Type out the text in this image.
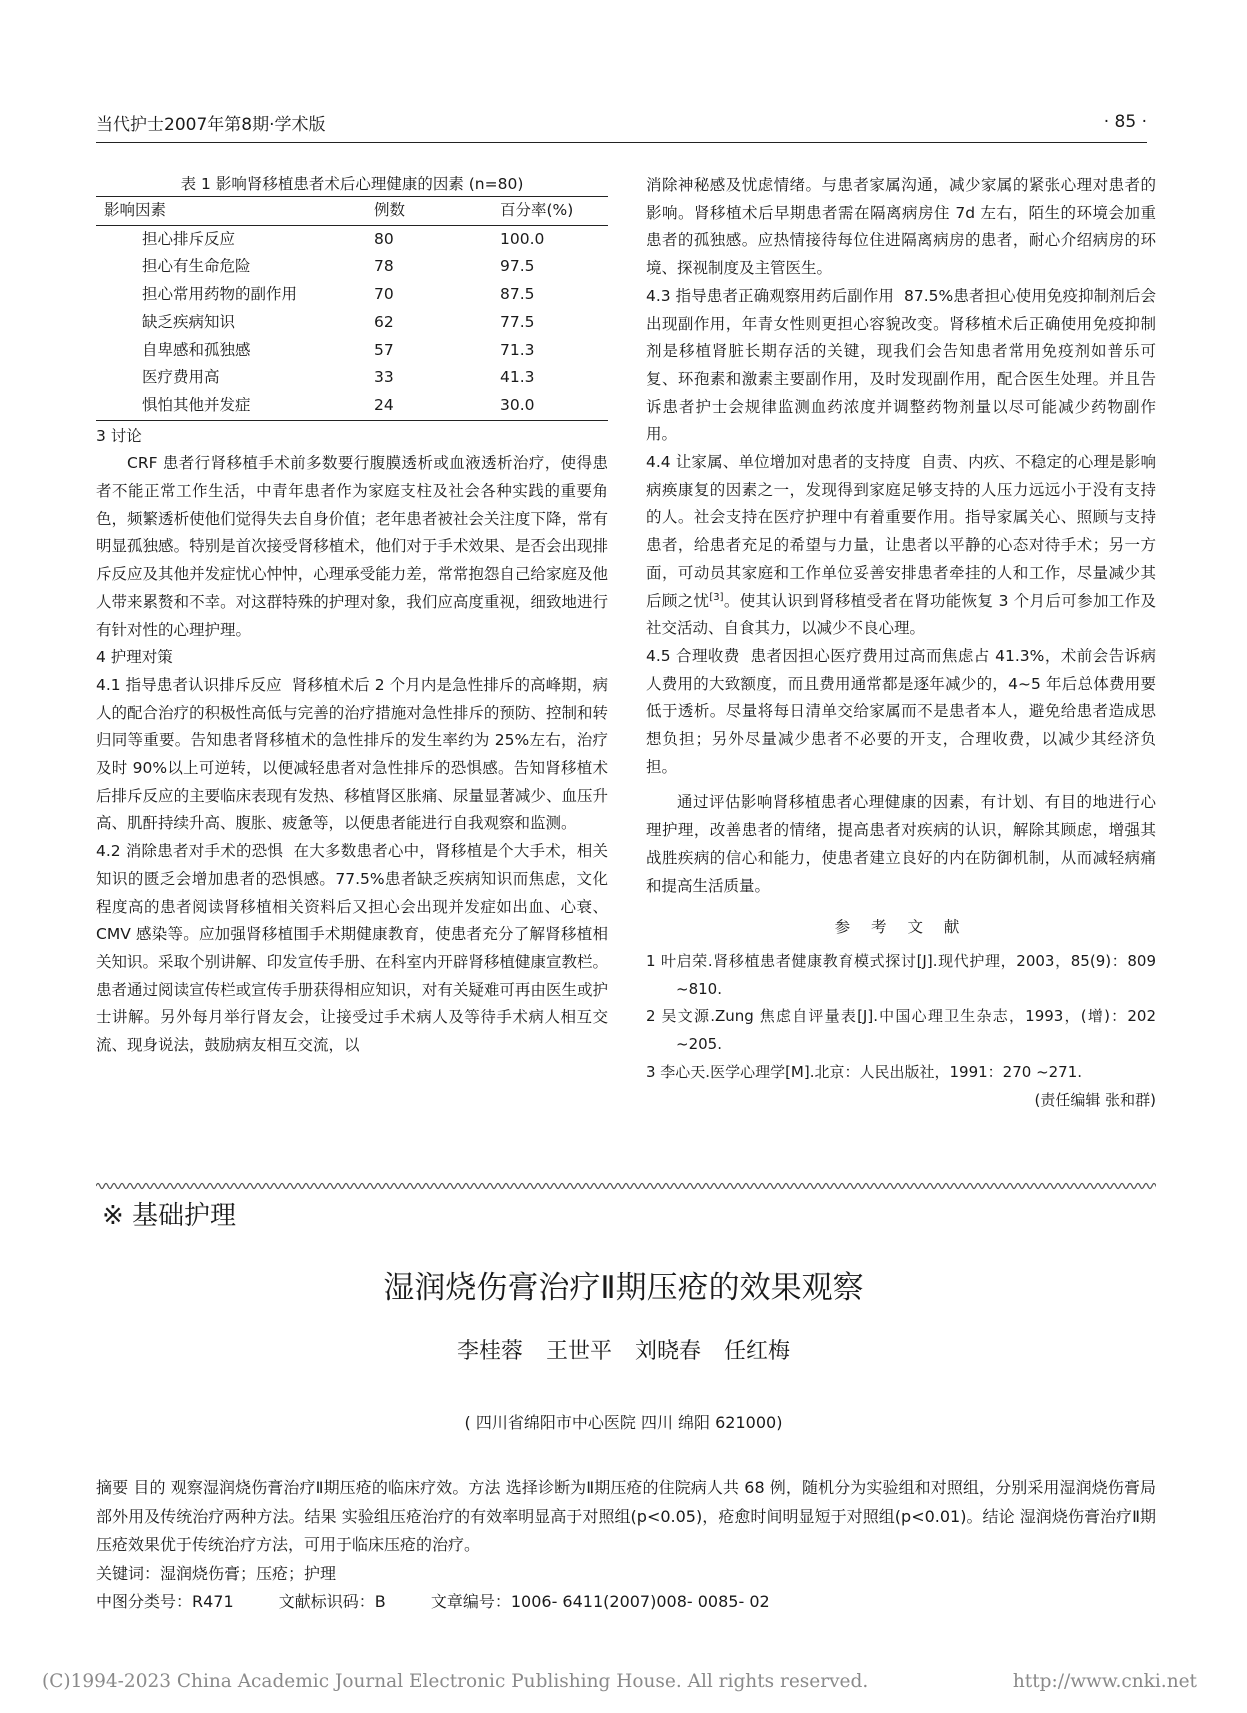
当代护士2007年第8期·学术版	· 85 ·
表 1 影响肾移植患者术后心理健康的因素 (n=80)
影响因素	例数	百分率(%)
担心排斥反应	80	100.0
担心有生命危险	78	97.5
担心常用药物的副作用	70	87.5
缺乏疾病知识	62	77.5
自卑感和孤独感	57	71.3
医疗费用高	33	41.3
惧怕其他并发症	24	30.0

3 讨论

CRF 患者行肾移植手术前多数要行腹膜透析或血液透析治疗，使得患者不能正常工作生活，中青年患者作为家庭支柱及社会各种实践的重要角色，频繁透析使他们觉得失去自身价值；老年患者被社会关注度下降，常有明显孤独感。特别是首次接受肾移植术，他们对于手术效果、是否会出现排斥反应及其他并发症忧心忡忡，心理承受能力差，常常抱怨自己给家庭及他人带来累赘和不幸。对这群特殊的护理对象，我们应高度重视，细致地进行有针对性的心理护理。

4 护理对策

4.1 指导患者认识排斥反应 肾移植术后 2 个月内是急性排斥的高峰期，病人的配合治疗的积极性高低与完善的治疗措施对急性排斥的预防、控制和转归同等重要。告知患者肾移植术的急性排斥的发生率约为 25%左右，治疗及时 90%以上可逆转，以便减轻患者对急性排斥的恐惧感。告知肾移植术后排斥反应的主要临床表现有发热、移植肾区胀痛、尿量显著减少、血压升高、肌酐持续升高、腹胀、疲惫等，以便患者能进行自我观察和监测。

4.2 消除患者对手术的恐惧 在大多数患者心中，肾移植是个大手术，相关知识的匮乏会增加患者的恐惧感。77.5%患者缺乏疾病知识而焦虑，文化程度高的患者阅读肾移植相关资料后又担心会出现并发症如出血、心衰、CMV 感染等。应加强肾移植围手术期健康教育，使患者充分了解肾移植相关知识。采取个别讲解、印发宣传手册、在科室内开辟肾移植健康宣教栏。患者通过阅读宣传栏或宣传手册获得相应知识，对有关疑难可再由医生或护士讲解。另外每月举行肾友会，让接受过手术病人及等待手术病人相互交流、现身说法，鼓励病友相互交流，以

消除神秘感及忧虑情绪。与患者家属沟通，减少家属的紧张心理对患者的影响。肾移植术后早期患者需在隔离病房住 7d 左右，陌生的环境会加重患者的孤独感。应热情接待每位住进隔离病房的患者，耐心介绍病房的环境、探视制度及主管医生。

4.3 指导患者正确观察用药后副作用 87.5%患者担心使用免疫抑制剂后会出现副作用，年青女性则更担心容貌改变。肾移植术后正确使用免疫抑制剂是移植肾脏长期存活的关键，现我们会告知患者常用免疫剂如普乐可复、环孢素和激素主要副作用，及时发现副作用，配合医生处理。并且告诉患者护士会规律监测血药浓度并调整药物剂量以尽可能减少药物副作用。

4.4 让家属、单位增加对患者的支持度 自责、内疚、不稳定的心理是影响病痪康复的因素之一，发现得到家庭足够支持的人压力远远小于没有支持的人。社会支持在医疗护理中有着重要作用。指导家属关心、照顾与支持患者，给患者充足的希望与力量，让患者以平静的心态对待手术；另一方面，可动员其家庭和工作单位妥善安排患者牵挂的人和工作，尽量减少其后顾之忧[3]。使其认识到肾移植受者在肾功能恢复 3 个月后可参加工作及社交活动、自食其力，以减少不良心理。

4.5 合理收费 患者因担心医疗费用过高而焦虑占 41.3%，术前会告诉病人费用的大致额度，而且费用通常都是逐年减少的，4~5 年后总体费用要低于透析。尽量将每日清单交给家属而不是患者本人，避免给患者造成思想负担；另外尽量减少患者不必要的开支，合理收费，以减少其经济负担。

通过评估影响肾移植患者心理健康的因素，有计划、有目的地进行心理护理，改善患者的情绪，提高患者对疾病的认识，解除其顾虑，增强其战胜疾病的信心和能力，使患者建立良好的内在防御机制，从而减轻病痛和提高生活质量。

参 考 文 献

1 叶启荣.肾移植患者健康教育模式探讨[J].现代护理，2003，85(9)：809 ~810.

2 吴文源.Zung 焦虑自评量表[J].中国心理卫生杂志，1993，(增)：202 ~205.

3 李心天.医学心理学[M].北京：人民出版社，1991：270 ~271.

(责任编辑 张和群)

※ 基础护理
湿润烧伤膏治疗Ⅱ期压疮的效果观察
李桂蓉 王世平 刘晓春 任红梅
( 四川省绵阳市中心医院 四川 绵阳 621000)

摘要 目的 观察湿润烧伤膏治疗Ⅱ期压疮的临床疗效。方法 选择诊断为Ⅱ期压疮的住院病人共 68 例，随机分为实验组和对照组，分别采用湿润烧伤膏局部外用及传统治疗两种方法。结果 实验组压疮治疗的有效率明显高于对照组(p<0.05)，疮愈时间明显短于对照组(p<0.01)。结论 湿润烧伤膏治疗Ⅱ期压疮效果优于传统治疗方法，可用于临床压疮的治疗。

关键词：湿润烧伤膏；压疮；护理

中图分类号：R471	文献标识码：B	文章编号：1006- 6411(2007)008- 0085- 02

(C)1994-2023 China Academic Journal Electronic Publishing House. All rights reserved.	http://www.cnki.net
